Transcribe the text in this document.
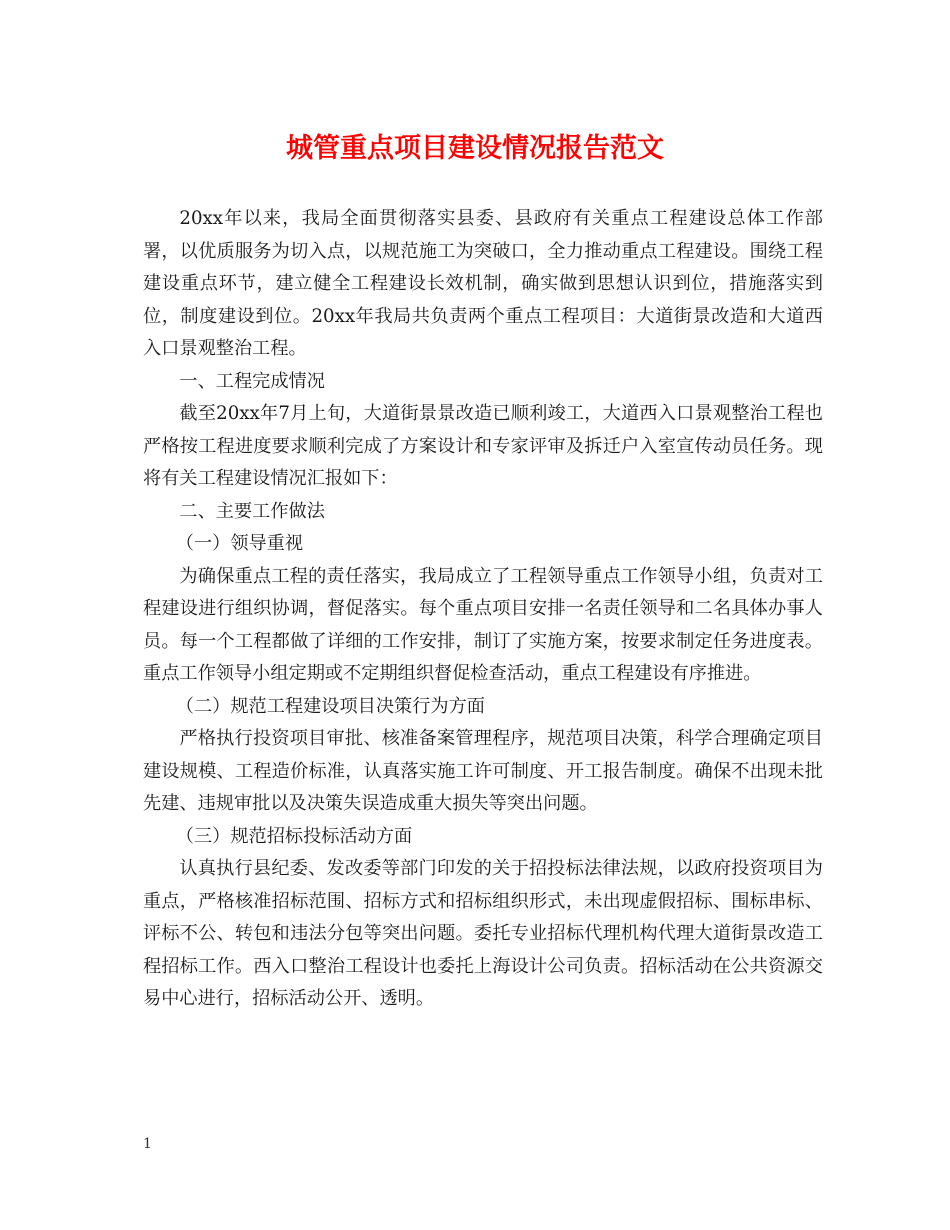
城管重点项目建设情况报告范文

20xx年以来，我局全面贯彻落实县委、县政府有关重点工程建设总体工作部署，以优质服务为切入点，以规范施工为突破口，全力推动重点工程建设。围绕工程建设重点环节，建立健全工程建设长效机制，确实做到思想认识到位，措施落实到位，制度建设到位。20xx年我局共负责两个重点工程项目：大道街景改造和大道西入口景观整治工程。

一、工程完成情况

截至20xx年7月上旬，大道街景景改造已顺利竣工，大道西入口景观整治工程也严格按工程进度要求顺利完成了方案设计和专家评审及拆迁户入室宣传动员任务。现将有关工程建设情况汇报如下：

二、主要工作做法

（一）领导重视

为确保重点工程的责任落实，我局成立了工程领导重点工作领导小组，负责对工程建设进行组织协调，督促落实。每个重点项目安排一名责任领导和二名具体办事人员。每一个工程都做了详细的工作安排，制订了实施方案，按要求制定任务进度表。重点工作领导小组定期或不定期组织督促检查活动，重点工程建设有序推进。

（二）规范工程建设项目决策行为方面

严格执行投资项目审批、核准备案管理程序，规范项目决策，科学合理确定项目建设规模、工程造价标准，认真落实施工许可制度、开工报告制度。确保不出现未批先建、违规审批以及决策失误造成重大损失等突出问题。

（三）规范招标投标活动方面

认真执行县纪委、发改委等部门印发的关于招投标法律法规，以政府投资项目为重点，严格核准招标范围、招标方式和招标组织形式，未出现虚假招标、围标串标、评标不公、转包和违法分包等突出问题。委托专业招标代理机构代理大道街景改造工程招标工作。西入口整治工程设计也委托上海设计公司负责。招标活动在公共资源交易中心进行，招标活动公开、透明。

1
